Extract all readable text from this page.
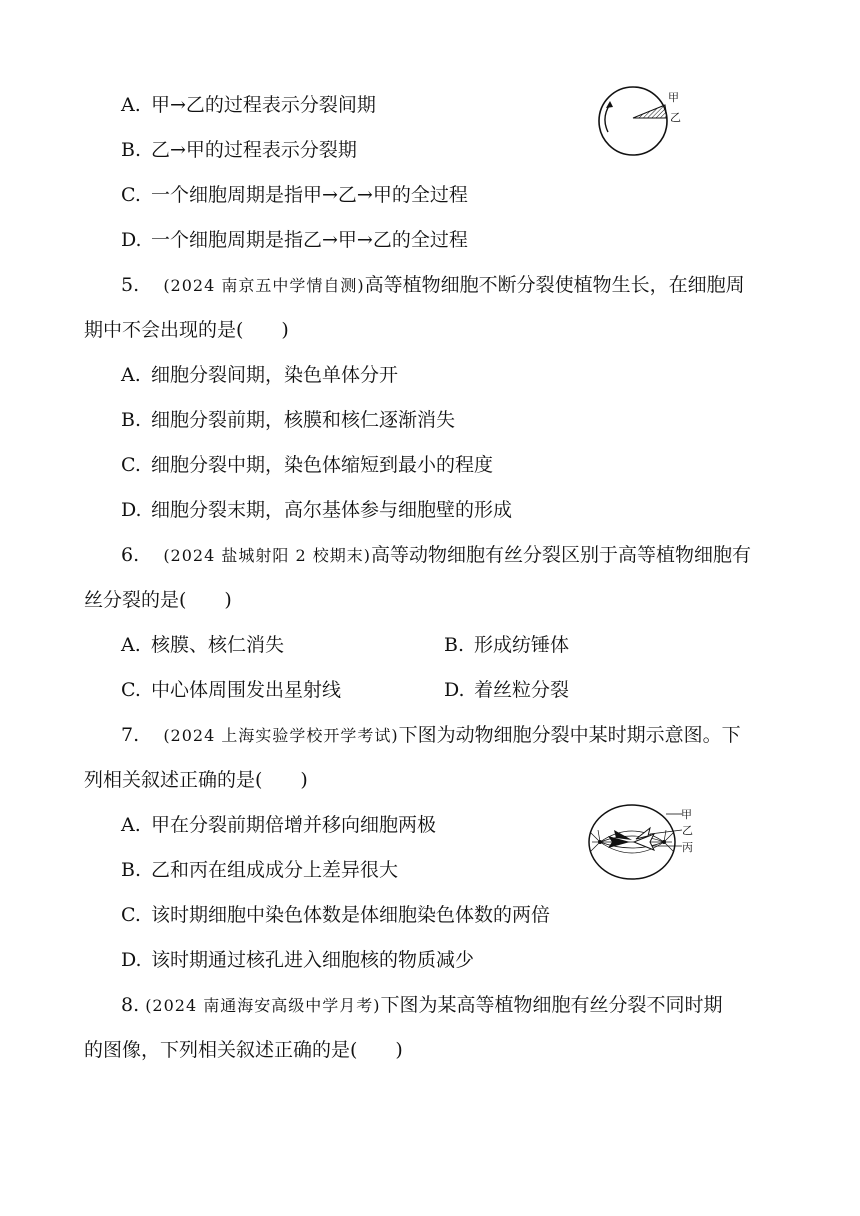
A. 甲→乙的过程表示分裂间期
B. 乙→甲的过程表示分裂期
C. 一个细胞周期是指甲→乙→甲的全过程
D. 一个细胞周期是指乙→甲→乙的全过程
甲
乙
5. (2024 南京五中学情自测)高等植物细胞不断分裂使植物生长，在细胞周
期中不会出现的是(　　)
A. 细胞分裂间期，染色单体分开
B. 细胞分裂前期，核膜和核仁逐渐消失
C. 细胞分裂中期，染色体缩短到最小的程度
D. 细胞分裂末期，高尔基体参与细胞壁的形成
6. (2024 盐城射阳 2 校期末)高等动物细胞有丝分裂区别于高等植物细胞有
丝分裂的是(　　)
A. 核膜、核仁消失	B. 形成纺锤体
C. 中心体周围发出星射线	D. 着丝粒分裂
7. (2024 上海实验学校开学考试)下图为动物细胞分裂中某时期示意图。下
列相关叙述正确的是(　　)
A. 甲在分裂前期倍增并移向细胞两极
B. 乙和丙在组成成分上差异很大
C. 该时期细胞中染色体数是体细胞染色体数的两倍
D. 该时期通过核孔进入细胞核的物质减少
甲
乙
丙
8. (2024 南通海安高级中学月考)下图为某高等植物细胞有丝分裂不同时期
的图像，下列相关叙述正确的是(　　)
